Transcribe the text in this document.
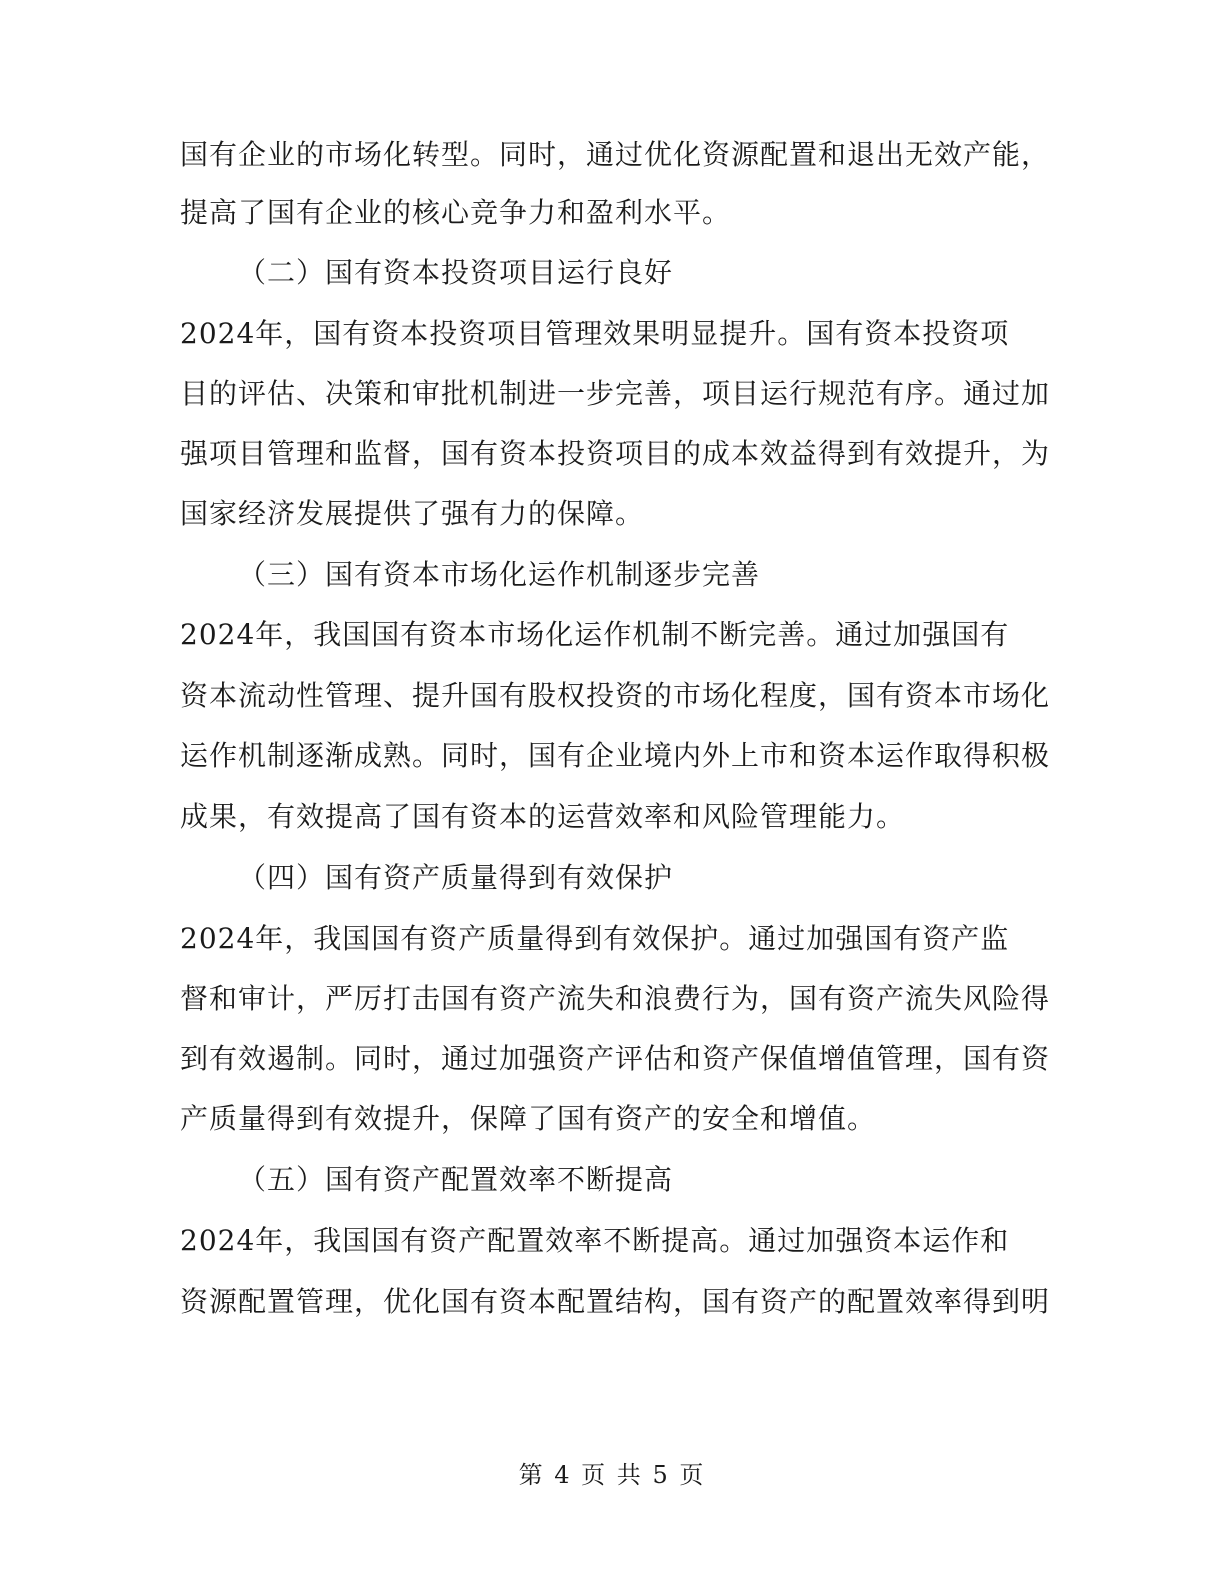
国有企业的市场化转型。同时，通过优化资源配置和退出无效产能，
提高了国有企业的核心竞争力和盈利水平。
（二）国有资本投资项目运行良好
2024年，国有资本投资项目管理效果明显提升。国有资本投资项
目的评估、决策和审批机制进一步完善，项目运行规范有序。通过加
强项目管理和监督，国有资本投资项目的成本效益得到有效提升，为
国家经济发展提供了强有力的保障。
（三）国有资本市场化运作机制逐步完善
2024年，我国国有资本市场化运作机制不断完善。通过加强国有
资本流动性管理、提升国有股权投资的市场化程度，国有资本市场化
运作机制逐渐成熟。同时，国有企业境内外上市和资本运作取得积极
成果，有效提高了国有资本的运营效率和风险管理能力。
（四）国有资产质量得到有效保护
2024年，我国国有资产质量得到有效保护。通过加强国有资产监
督和审计，严厉打击国有资产流失和浪费行为，国有资产流失风险得
到有效遏制。同时，通过加强资产评估和资产保值增值管理，国有资
产质量得到有效提升，保障了国有资产的安全和增值。
（五）国有资产配置效率不断提高
2024年，我国国有资产配置效率不断提高。通过加强资本运作和
资源配置管理，优化国有资本配置结构，国有资产的配置效率得到明
第 4 页 共 5 页
